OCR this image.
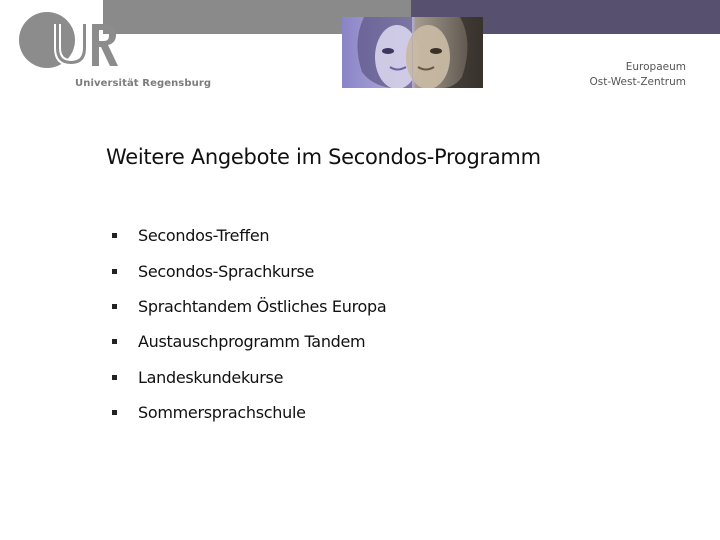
Universität Regensburg
Europaeum
Ost-West-Zentrum
Weitere Angebote im Secondos-Programm
Secondos-Treffen
Secondos-Sprachkurse
Sprachtandem Östliches Europa
Austauschprogramm Tandem
Landeskundekurse
Sommersprachschule
